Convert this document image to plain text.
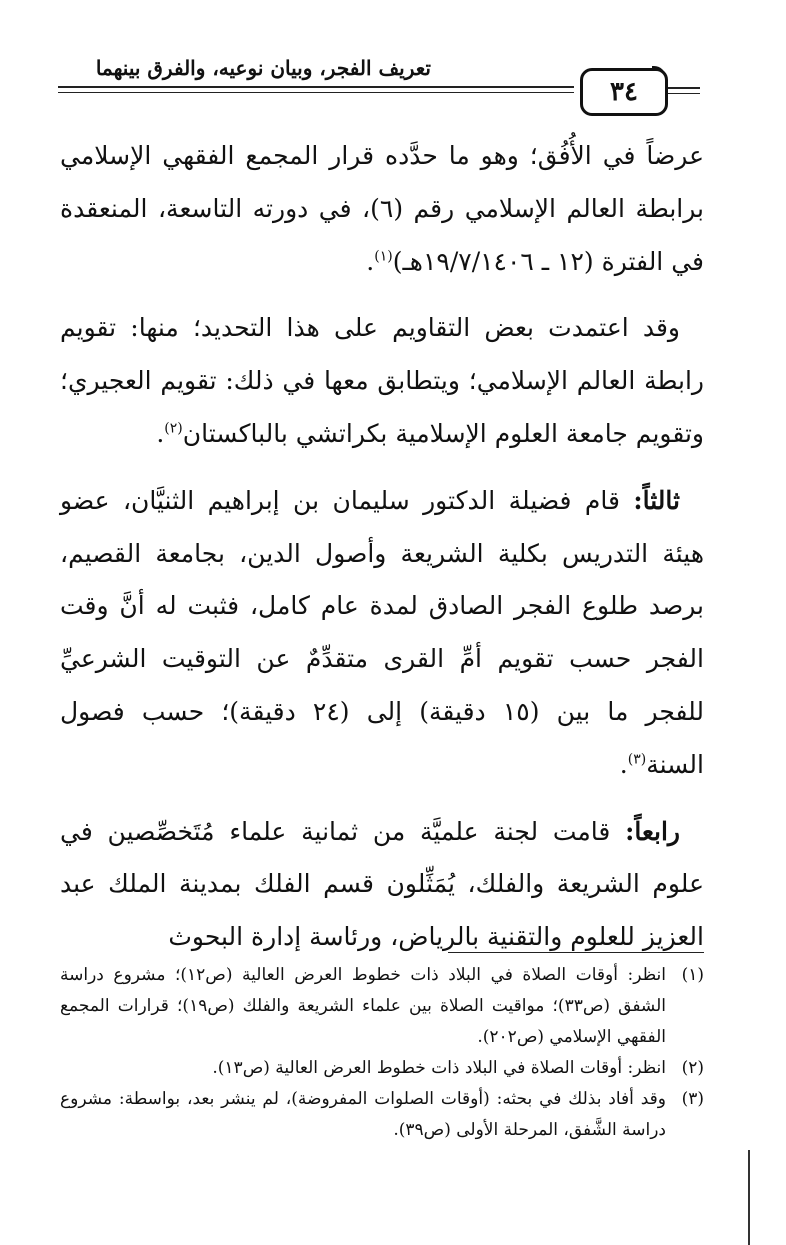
تعريف الفجر، وبيان نوعيه، والفرق بينهما
٣٤

عرضاً في الأُفُق؛ وهو ما حدَّده قرار المجمع الفقهي الإسلامي برابطة العالم الإسلامي رقم (٦)، في دورته التاسعة، المنعقدة في الفترة (١٢ ـ ١٩/٧/١٤٠٦هـ)$^{(١)}$.

وقد اعتمدت بعض التقاويم على هذا التحديد؛ منها: تقويم رابطة العالم الإسلامي؛ ويتطابق معها في ذلك: تقويم العجيري؛ وتقويم جامعة العلوم الإسلامية بكراتشي بالباكستان$^{(٢)}$.

ثالثاً: قام فضيلة الدكتور سليمان بن إبراهيم الثنيَّان، عضو هيئة التدريس بكلية الشريعة وأصول الدين، بجامعة القصيم، برصد طلوع الفجر الصادق لمدة عام كامل، فثبت له أنَّ وقت الفجر حسب تقويم أمِّ القرى متقدِّمٌ عن التوقيت الشرعيِّ للفجر ما بين (١٥ دقيقة) إلى (٢٤ دقيقة)؛ حسب فصول السنة$^{(٣)}$.

رابعاً: قامت لجنة علميَّة من ثمانية علماء مُتَخصِّصين في علوم الشريعة والفلك، يُمَثِّلون قسم الفلك بمدينة الملك عبد العزيز للعلوم والتقنية بالرياض، ورئاسة إدارة البحوث

(١)
انظر: أوقات الصلاة في البلاد ذات خطوط العرض العالية (ص١٢)؛ مشروع دراسة الشفق (ص٣٣)؛ مواقيت الصلاة بين علماء الشريعة والفلك (ص١٩)؛ قرارات المجمع الفقهي الإسلامي (ص٢٠٢).

(٢)
انظر: أوقات الصلاة في البلاد ذات خطوط العرض العالية (ص١٣).

(٣)
وقد أفاد بذلك في بحثه: (أوقات الصلوات المفروضة)، لم ينشر بعد، بواسطة: مشروع دراسة الشَّفق، المرحلة الأولى (ص٣٩).
